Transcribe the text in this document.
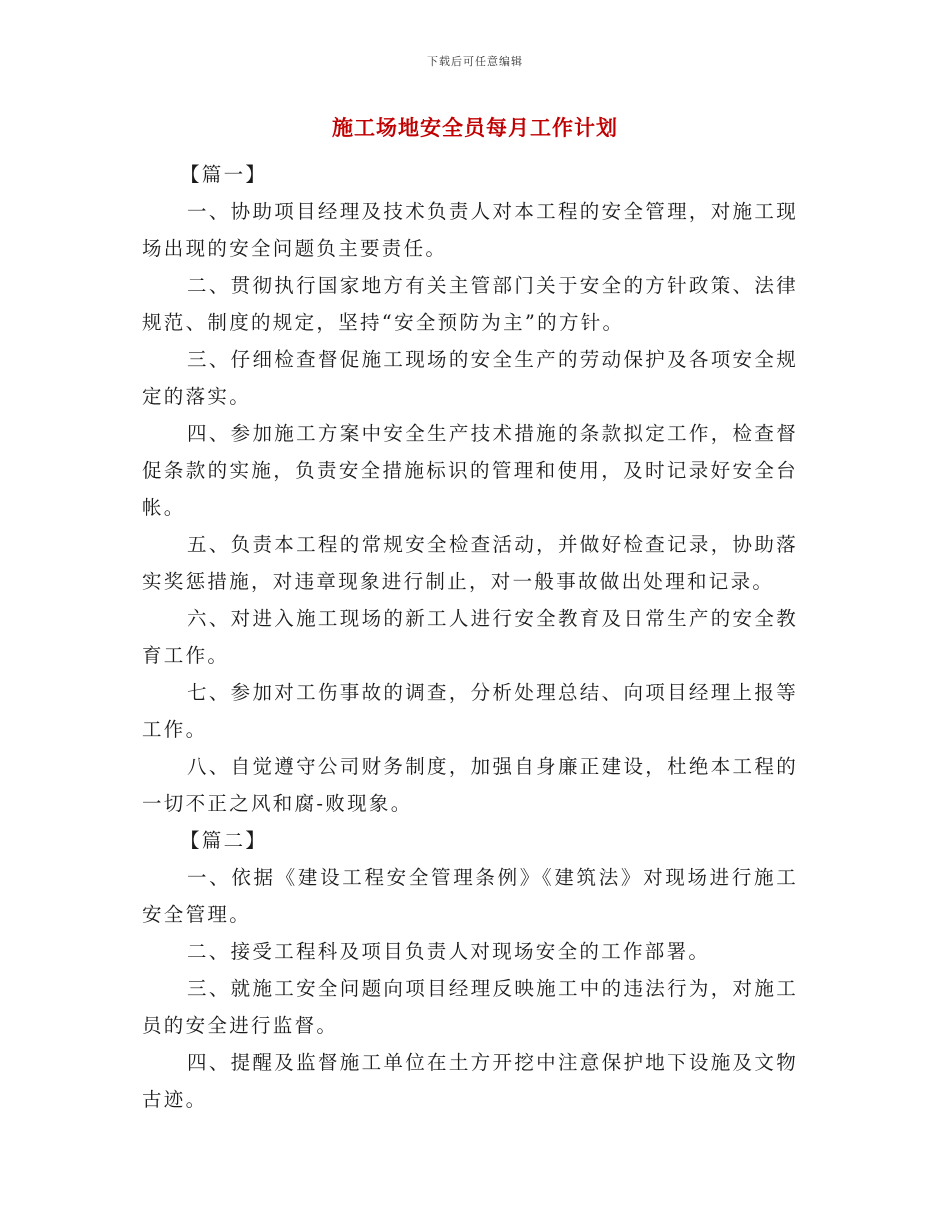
下载后可任意编辑
施工场地安全员每月工作计划

【篇一】

一、协助项目经理及技术负责人对本工程的安全管理，对施工现场出现的安全问题负主要责任。

二、贯彻执行国家地方有关主管部门关于安全的方针政策、法律规范、制度的规定，坚持“安全预防为主”的方针。

三、仔细检查督促施工现场的安全生产的劳动保护及各项安全规定的落实。

四、参加施工方案中安全生产技术措施的条款拟定工作，检查督促条款的实施，负责安全措施标识的管理和使用，及时记录好安全台帐。

五、负责本工程的常规安全检查活动，并做好检查记录，协助落实奖惩措施，对违章现象进行制止，对一般事故做出处理和记录。

六、对进入施工现场的新工人进行安全教育及日常生产的安全教育工作。

七、参加对工伤事故的调查，分析处理总结、向项目经理上报等工作。

八、自觉遵守公司财务制度，加强自身廉正建设，杜绝本工程的一切不正之风和腐-败现象。

【篇二】

一、依据《建设工程安全管理条例》《建筑法》对现场进行施工安全管理。

二、接受工程科及项目负责人对现场安全的工作部署。

三、就施工安全问题向项目经理反映施工中的违法行为，对施工员的安全进行监督。

四、提醒及监督施工单位在土方开挖中注意保护地下设施及文物古迹。
